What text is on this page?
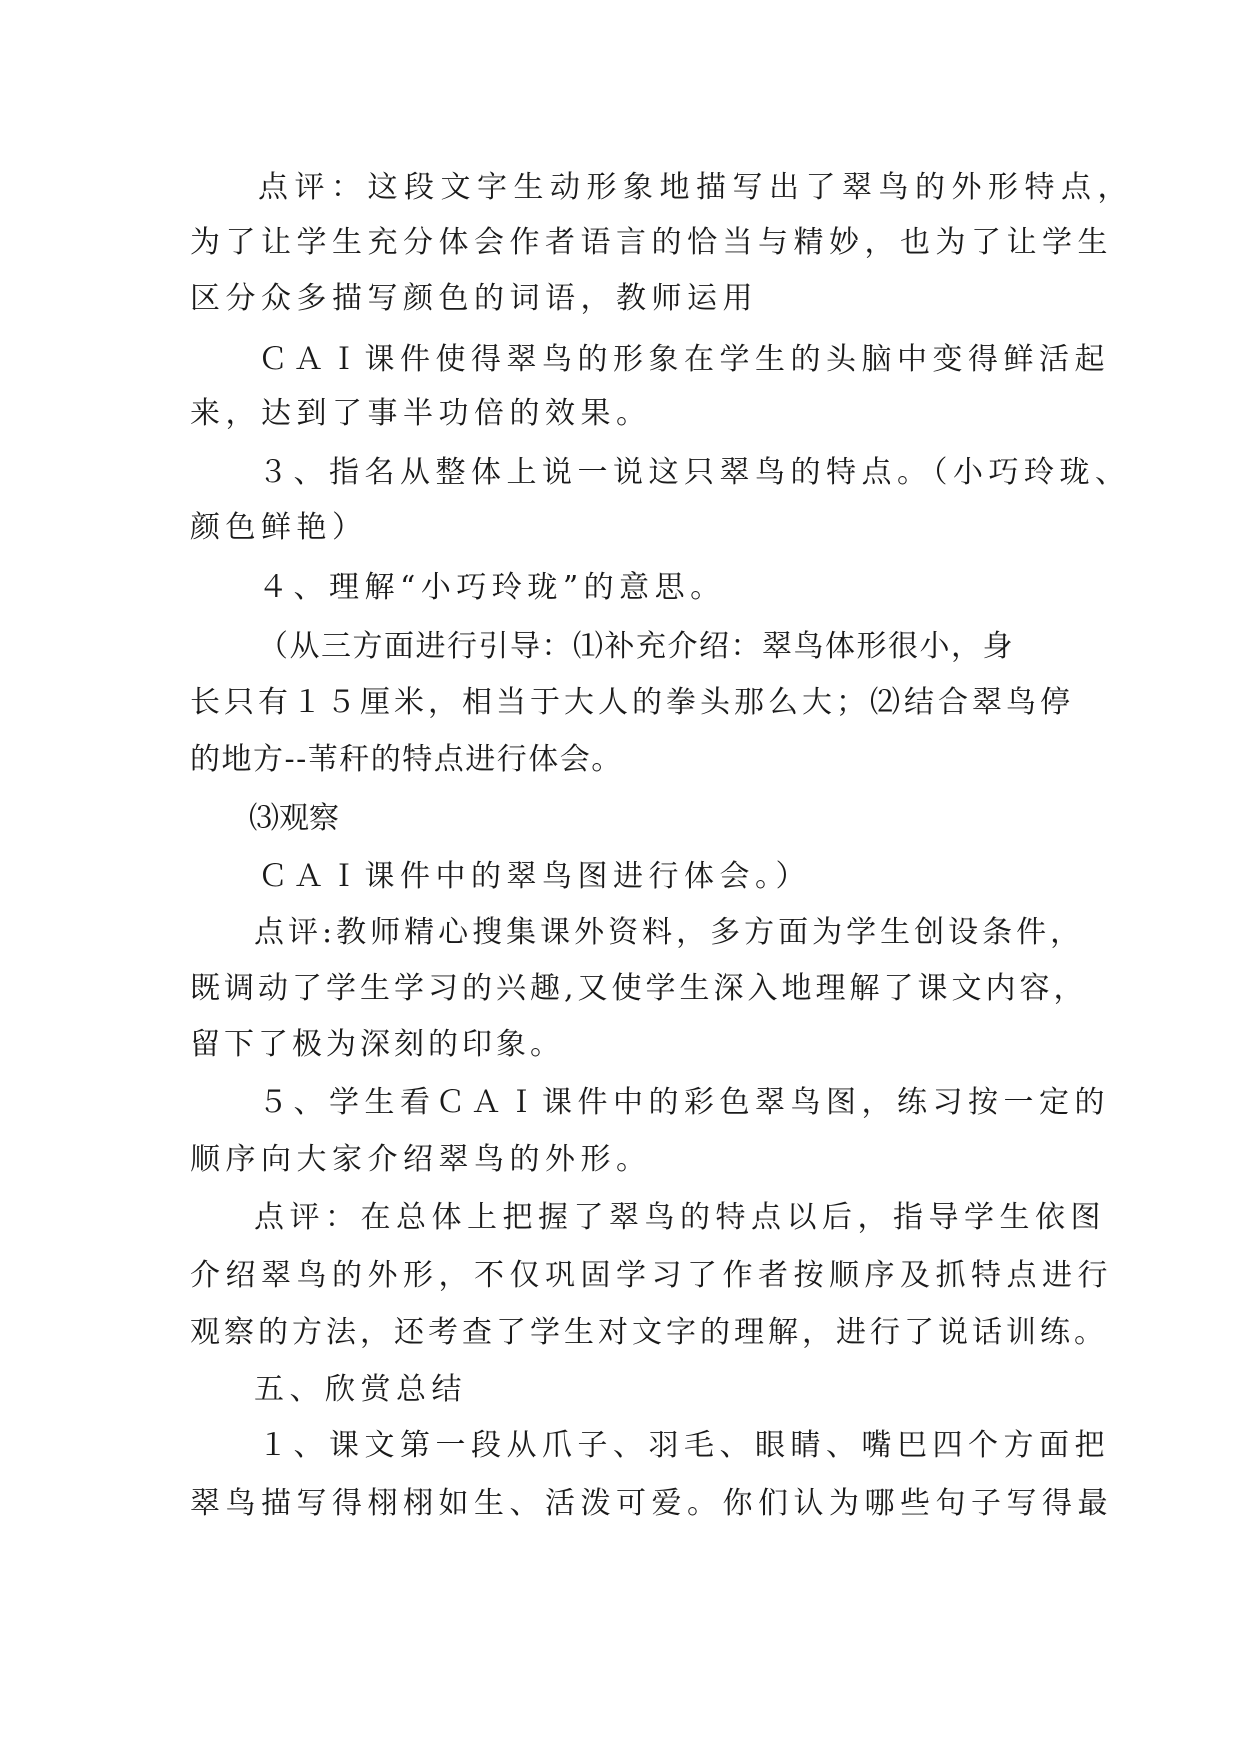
点评：这段文字生动形象地描写出了翠鸟的外形特点，

为了让学生充分体会作者语言的恰当与精妙，也为了让学生

区分众多描写颜色的词语，教师运用

ＣＡＩ课件使得翠鸟的形象在学生的头脑中变得鲜活起

来，达到了事半功倍的效果。

３、指名从整体上说一说这只翠鸟的特点。（小巧玲珑、

颜色鲜艳）

４、理解“小巧玲珑”的意思。

（从三方面进行引导：⑴补充介绍：翠鸟体形很小，身

长只有１５厘米，相当于大人的拳头那么大；⑵结合翠鸟停

的地方--苇秆的特点进行体会。

⑶观察

ＣＡＩ课件中的翠鸟图进行体会。）

点评:教师精心搜集课外资料，多方面为学生创设条件，

既调动了学生学习的兴趣,又使学生深入地理解了课文内容，

留下了极为深刻的印象。

５、学生看ＣＡＩ课件中的彩色翠鸟图，练习按一定的

顺序向大家介绍翠鸟的外形。

点评：在总体上把握了翠鸟的特点以后，指导学生依图

介绍翠鸟的外形，不仅巩固学习了作者按顺序及抓特点进行

观察的方法，还考查了学生对文字的理解，进行了说话训练。

五、欣赏总结

１、课文第一段从爪子、羽毛、眼睛、嘴巴四个方面把

翠鸟描写得栩栩如生、活泼可爱。你们认为哪些句子写得最
